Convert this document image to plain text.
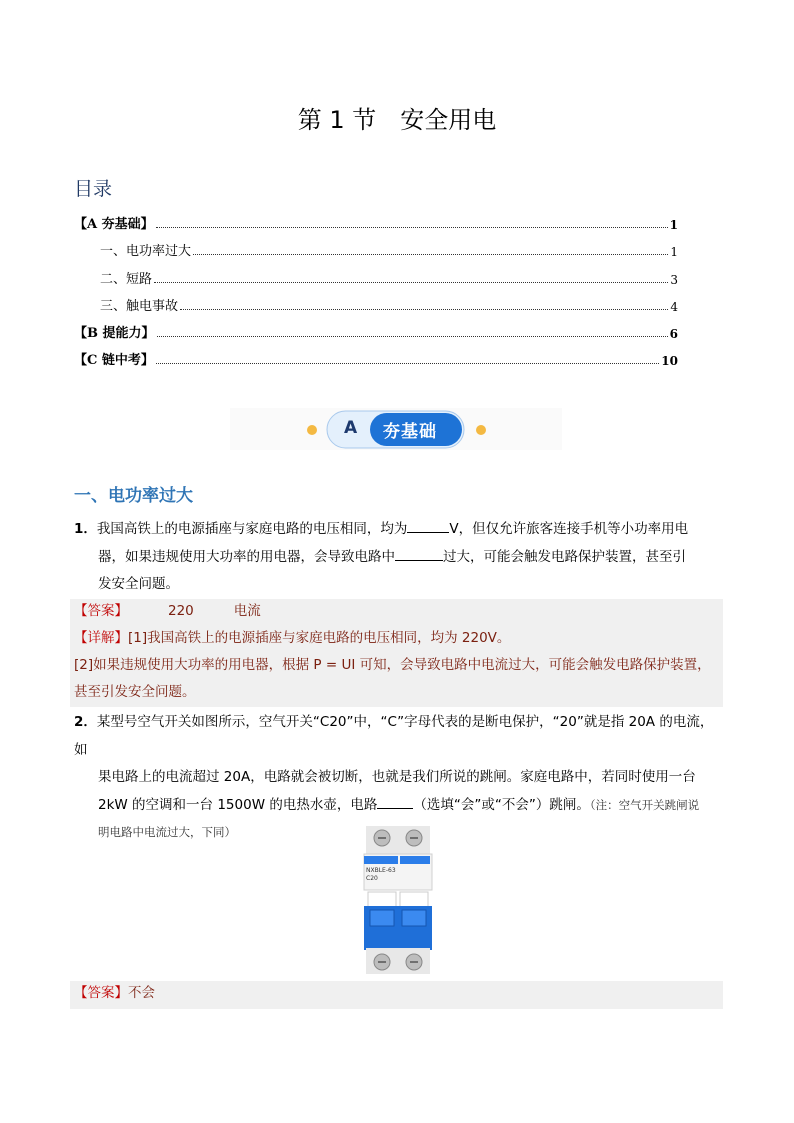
第 1 节　安全用电
目录
【A 夯基础】	1
一、电功率过大	1
二、短路	3
三、触电事故	4
【B 提能力】	6
【C 链中考】	10
A 夯基础
一、电功率过大
1．我国高铁上的电源插座与家庭电路的电压相同，均为	V，但仅允许旅客连接手机等小功率用电
器，如果违规使用大功率的用电器，会导致电路中	过大，可能会触发电路保护装置，甚至引
发安全问题。
【答案】	220	电流
【详解】[1]我国高铁上的电源插座与家庭电路的电压相同，均为 220V。
[2]如果违规使用大功率的用电器，根据 P = UI 可知，会导致电路中电流过大，可能会触发电路保护装置，
甚至引发安全问题。
2．某型号空气开关如图所示，空气开关“C20”中，“C”字母代表的是断电保护，“20”就是指 20A 的电流，如
果电路上的电流超过 20A，电路就会被切断，也就是我们所说的跳闸。家庭电路中，若同时使用一台
2kW 的空调和一台 1500W 的电热水壶，电路	（选填“会”或“不会”）跳闸。（注：空气开关跳闸说
明电路中电流过大，下同）
NXBLE-63
C20
【答案】不会
